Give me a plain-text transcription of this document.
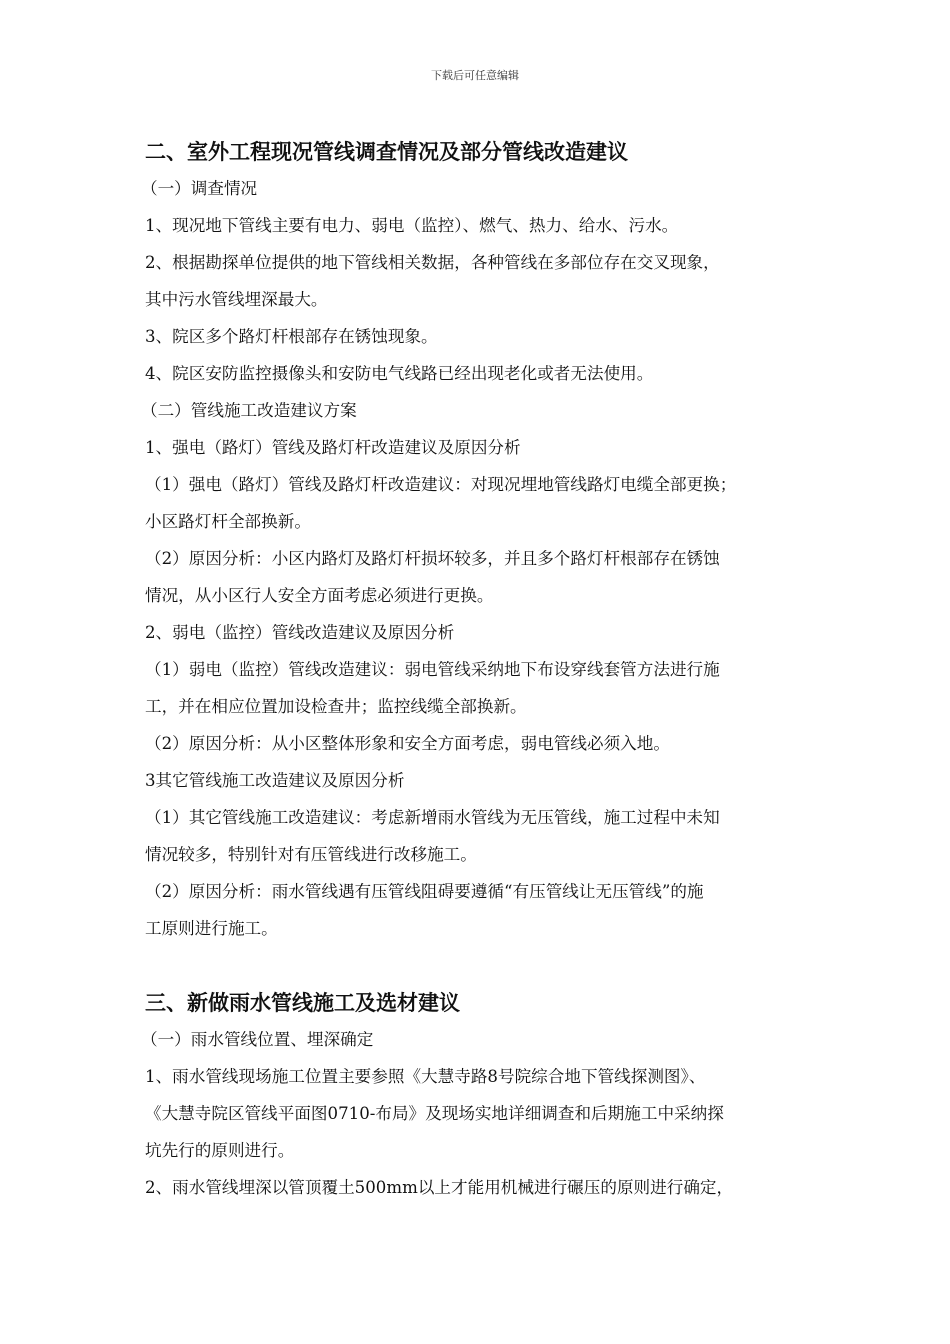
下载后可任意编辑
二、室外工程现况管线调查情况及部分管线改造建议

（一）调查情况

1、现况地下管线主要有电力、弱电（监控）、燃气、热力、给水、污水。

2、根据勘探单位提供的地下管线相关数据，各种管线在多部位存在交叉现象，

其中污水管线埋深最大。

3、院区多个路灯杆根部存在锈蚀现象。

4、院区安防监控摄像头和安防电气线路已经出现老化或者无法使用。

（二）管线施工改造建议方案

1、强电（路灯）管线及路灯杆改造建议及原因分析

（1）强电（路灯）管线及路灯杆改造建议：对现况埋地管线路灯电缆全部更换；

小区路灯杆全部换新。

（2）原因分析：小区内路灯及路灯杆损坏较多，并且多个路灯杆根部存在锈蚀

情况，从小区行人安全方面考虑必须进行更换。

2、弱电（监控）管线改造建议及原因分析

（1）弱电（监控）管线改造建议：弱电管线采纳地下布设穿线套管方法进行施

工，并在相应位置加设检查井；监控线缆全部换新。

（2）原因分析：从小区整体形象和安全方面考虑，弱电管线必须入地。

3其它管线施工改造建议及原因分析

（1）其它管线施工改造建议：考虑新增雨水管线为无压管线，施工过程中未知

情况较多，特别针对有压管线进行改移施工。

（2）原因分析：雨水管线遇有压管线阻碍要遵循“有压管线让无压管线”的施

工原则进行施工。

三、新做雨水管线施工及选材建议

（一）雨水管线位置、埋深确定

1、雨水管线现场施工位置主要参照《大慧寺路8号院综合地下管线探测图》、

《大慧寺院区管线平面图0710-布局》及现场实地详细调查和后期施工中采纳探

坑先行的原则进行。

2、雨水管线埋深以管顶覆土500mm以上才能用机械进行碾压的原则进行确定，
